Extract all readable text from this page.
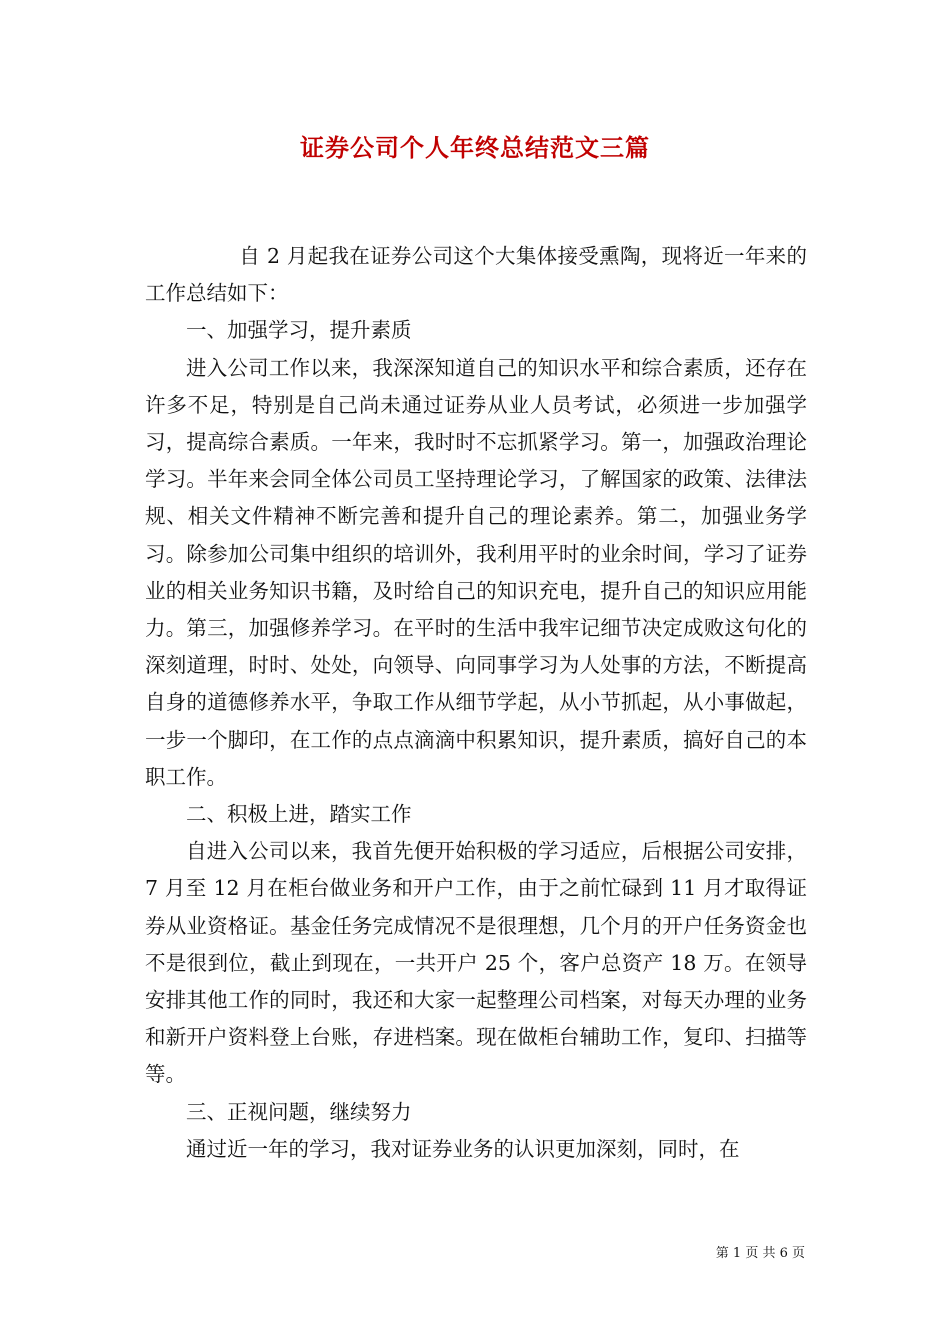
证券公司个人年终总结范文三篇

自 2 月起我在证券公司这个大集体接受熏陶，现将近一年来的工作总结如下：

一、加强学习，提升素质

进入公司工作以来，我深深知道自己的知识水平和综合素质，还存在许多不足，特别是自己尚未通过证券从业人员考试，必须进一步加强学习，提高综合素质。一年来，我时时不忘抓紧学习。第一，加强政治理论学习。半年来会同全体公司员工坚持理论学习，了解国家的政策、法律法规、相关文件精神不断完善和提升自己的理论素养。第二，加强业务学习。除参加公司集中组织的培训外，我利用平时的业余时间，学习了证券业的相关业务知识书籍，及时给自己的知识充电，提升自己的知识应用能力。第三，加强修养学习。在平时的生活中我牢记细节决定成败这句化的深刻道理，时时、处处，向领导、向同事学习为人处事的方法，不断提高自身的道德修养水平，争取工作从细节学起，从小节抓起，从小事做起，一步一个脚印，在工作的点点滴滴中积累知识，提升素质，搞好自己的本职工作。

二、积极上进，踏实工作

自进入公司以来，我首先便开始积极的学习适应，后根据公司安排，7 月至 12 月在柜台做业务和开户工作，由于之前忙碌到 11 月才取得证券从业资格证。基金任务完成情况不是很理想，几个月的开户任务资金也不是很到位，截止到现在，一共开户 25 个，客户总资产 18 万。在领导安排其他工作的同时，我还和大家一起整理公司档案，对每天办理的业务和新开户资料登上台账，存进档案。现在做柜台辅助工作，复印、扫描等等。

三、正视问题，继续努力

通过近一年的学习，我对证券业务的认识更加深刻，同时，在

第 1 页 共 6 页
